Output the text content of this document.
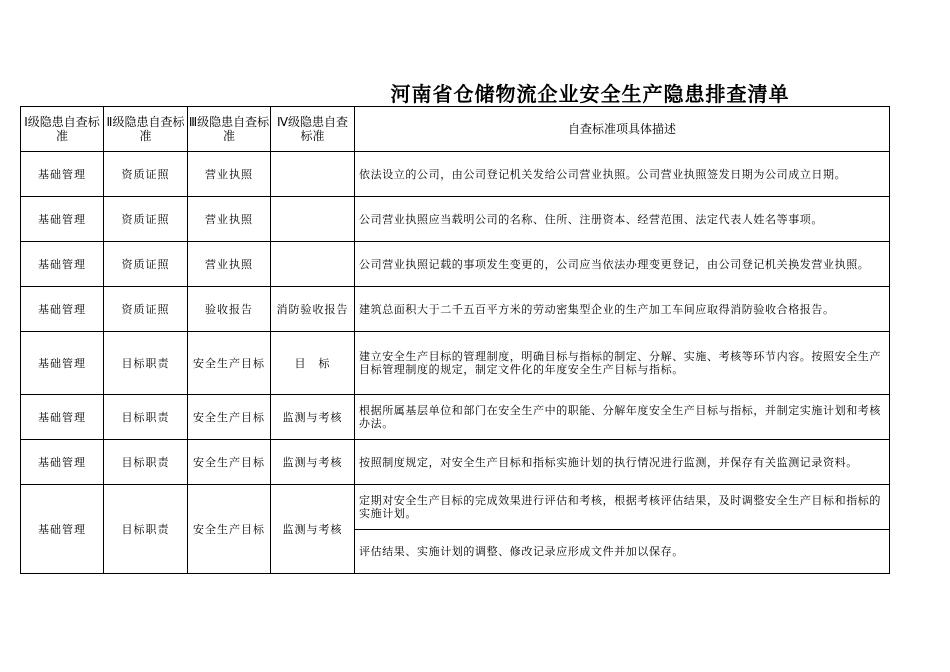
河南省仓储物流企业安全生产隐患排查清单
Ⅰ级隐患自查标准	Ⅱ级隐患自查标准	Ⅲ级隐患自查标准	Ⅳ级隐患自查标准	自查标准项具体描述
基础管理	资质证照	营业执照		依法设立的公司，由公司登记机关发给公司营业执照。公司营业执照签发日期为公司成立日期。
基础管理	资质证照	营业执照		公司营业执照应当载明公司的名称、住所、注册资本、经营范围、法定代表人姓名等事项。
基础管理	资质证照	营业执照		公司营业执照记载的事项发生变更的，公司应当依法办理变更登记，由公司登记机关换发营业执照。
基础管理	资质证照	验收报告	消防验收报告	建筑总面积大于二千五百平方米的劳动密集型企业的生产加工车间应取得消防验收合格报告。
基础管理	目标职责	安全生产目标	目　标	建立安全生产目标的管理制度，明确目标与指标的制定、分解、实施、考核等环节内容。按照安全生产目标管理制度的规定，制定文件化的年度安全生产目标与指标。
基础管理	目标职责	安全生产目标	监测与考核	根据所属基层单位和部门在安全生产中的职能、分解年度安全生产目标与指标，并制定实施计划和考核办法。
基础管理	目标职责	安全生产目标	监测与考核	按照制度规定，对安全生产目标和指标实施计划的执行情况进行监测，并保存有关监测记录资料。
基础管理	目标职责	安全生产目标	监测与考核	定期对安全生产目标的完成效果进行评估和考核，根据考核评估结果，及时调整安全生产目标和指标的实施计划。
				评估结果、实施计划的调整、修改记录应形成文件并加以保存。
